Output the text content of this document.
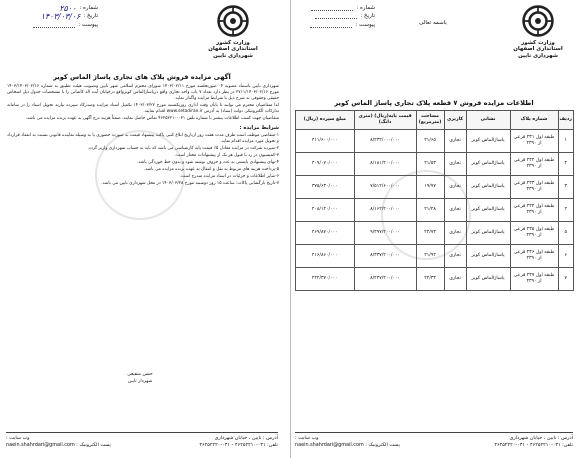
شماره :
۲۵۰۰
تاریخ :
۱۴۰۳/۰۳/۰۶
پیوست :
وزارت کشور
استانداری اصفهان
شهرداری نایین
آگهی مزایده فروش پلاک های تجاری پاساژ الماس کویر

شهرداری نایین باستناد مصوبه ۰۴ صورتجلسه مورخ ۱۴۰۳/۰۲/۱۱ شورای محترم اسلامی شهر نایین وتصویب هیئت تطبیق به شماره ۱۴۰۳/۱۴۰۳/۰۲/۱۶ مورخ ۲۷۱۱/۱۴۰۳/۰۲/۱۶ در نظر دارد تعداد ۷ باب واحد تجاری واقع درپاساژالماس کویرواقع درخیابان آیت اله کاشانی را با مشخصات جدول ذیل اشخاص حقیقی وحقوقی به شرح ذیل با شرایط مزایده واگذار نماید.

لذا متقاضیان محترم می توانند تا پایان وقت اداری روزیکشنبه مورخ ۱۴۰۳/۰۳/۲۷ تکمیل اسناد مزایده وصدرکاد سپرده نیازبه تحویل اسناد را در سامانه تدارکات الکترونیکی دولت (ستاد) به آدرس www.setadiran.ir اقدام نمایند.

متقاضیان جهت کسب اطلاعات بیشتر با شماره تلفن ۰۳۱-۴۶۲۵۲۲۱۰ تماس حاصل نمایند. ضمناً هزینه درج آگهی به عهده برنده مزایده می باشد.

شرایط مزایده :

۱-متقاضی موظف است ظرف مدت هفت روز ازتاریخ ابلاغ کتبی پاکت پیشنهاد قیمت به صورت حضوری یا به وسیله نماینده قانونی نسبت به انعقاد قرارداد و تحویل مورد مزایده اقدام نماید.

۲-سپرده شرکت در مزایده معادل ۵٪ قیمت پایه کارشناسی می باشد که باید به حساب شهرداری واریز گردد.

۳-کمیسیون در رد یا قبول هر یک از پیشنهادات مختار است.

۴-بهای پیشنهادی بایستی به عدد و حروف نوشته شود و بدون خط خوردگی باشد.

۵-پرداخت هزینه های مربوط به نقل و انتقال به عهده برنده مزایده می باشد.

۶-سایر اطلاعات و جزئیات در اسناد مزایده مندرج است.

۷-تاریخ بازگشایی پاکات: ساعت ۱۵ روز دوشنبه مورخ ۱۴۰۳/۰۳/۲۸ در محل شهرداری نایین می باشد.

حسن شفیعی
شهردار نایین
آدرس : نایین ، خیابان شهرداری
وب سایت :
تلفن: ۰۳۱-۴۶۲۵۲۲۱۰ - ۰۳۱-۴۶۲۵۲۲۲۰
پست الکترونیک : naein.shahrdari@gmail.com
شماره :
تاریخ :
پیوست :	باسمه تعالی
وزارت کشور
استانداری اصفهان
شهرداری نایین
اطلاعات مزایده فروش ۷ قطعه پلاک تجاری پاساژ الماس کویر
ردیف	شماره پلاک	نشانی	کاربری	مساحت (مترمربع)	قیمت پایه(ریال) (متری دانگ)	مبلغ سپرده (ریال)
۱	طبقه اول ۲۳۱ فرعی از ۴۳۹۰	پاساژالماس کویر	تجاری	۲۱/۶۵	۸/۲۳۲/۰۰۰/۰۰۰	۴۱۱/۶۰۰/۰۰۰
۲	طبقه اول ۲۳۲ فرعی از ۴۳۹۰	پاساژالماس کویر	تجاری	۲۱/۵۳	۸/۱۸۱/۴۰۰/۰۰۰	۴۰۹/۰۷۰/۰۰۰
۳	طبقه اول ۲۳۳ فرعی از ۴۳۹۰	پاساژالماس کویر	تجاری	۱۹/۷۷	۷/۵۱۲/۶۰۰/۰۰۰	۳۷۵/۶۳۰/۰۰۰
۴	طبقه اول ۲۳۴ فرعی از ۴۳۹۰	پاساژالماس کویر	تجاری	۲۱/۲۸	۸/۱۶۲/۴۰۰/۰۰۰	۴۰۸/۱۲۰/۰۰۰
۵	طبقه اول ۲۳۵ فرعی از ۴۳۹۰	پاساژالماس کویر	تجاری	۲۴/۷۳	۹/۳۹۷/۴۰۰/۰۰۰	۴۶۹/۸۷۰/۰۰۰
۶	طبقه اول ۲۳۶ فرعی از ۴۳۹۰	پاساژالماس کویر	تجاری	۲۱/۹۴	۸/۳۳۷/۲۰۰/۰۰۰	۴۱۶/۸۶۰/۰۰۰
۷	طبقه اول ۲۳۷ فرعی از ۴۳۹۰	پاساژالماس کویر	تجاری	۲۲/۳۳	۸/۴۴۷/۴۰۰/۰۰۰	۴۲۲/۳۷۰/۰۰۰
آدرس : نایین ، خیابان شهرداری
وب سایت :
تلفن: ۰۳۱-۴۶۲۵۲۲۱۰ - ۰۳۱-۴۶۲۵۲۲۲۰
پست الکترونیک : naein.shahrdari@gmail.com
